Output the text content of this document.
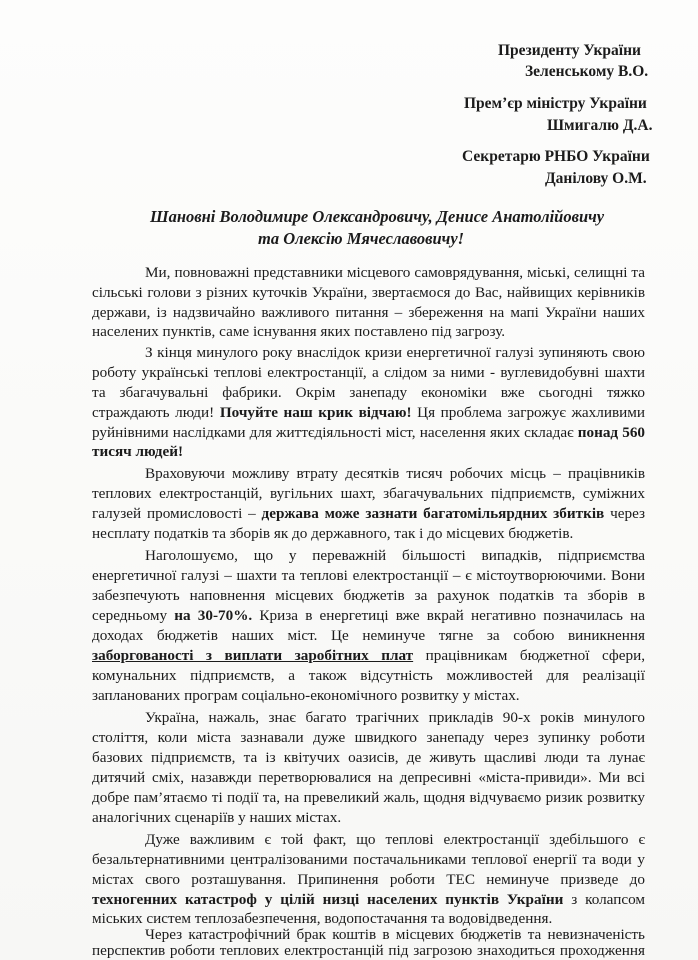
Президенту України
Зеленському В.О.
Прем’єр міністру України
Шмигалю Д.А.
Секретарю РНБО України
Данілову О.М.
Шановні Володимире Олександровичу, Денисе Анатолійовичу
та Олексію Мячеславовичу!
Ми, повноважні представники місцевого самоврядування, міські, селищні та
сільські голови з різних куточків України, звертаємося до Вас, найвищих керівників
держави, із надзвичайно важливого питання – збереження на мапі України наших
населених пунктів, саме існування яких поставлено під загрозу.
З кінця минулого року внаслідок кризи енергетичної галузі зупиняють свою
роботу українські теплові електростанції, а слідом за ними - вуглевидобувні шахти
та збагачувальні фабрики. Окрім занепаду економіки вже сьогодні тяжко
страждають люди! Почуйте наш крик відчаю! Ця проблема загрожує жахливими
руйнівними наслідками для життєдіяльності міст, населення яких складає понад 560
тисяч людей!
Враховуючи можливу втрату десятків тисяч робочих місць – працівників
теплових електростанцій, вугільних шахт, збагачувальних підприємств, суміжних
галузей промисловості – держава може зазнати багатомільярдних збитків через
несплату податків та зборів як до державного, так і до місцевих бюджетів.
Наголошуємо, що у переважній більшості випадків, підприємства
енергетичної галузі – шахти та теплові електростанції – є містоутворюючими. Вони
забезпечують наповнення місцевих бюджетів за рахунок податків та зборів в
середньому на 30-70%. Криза в енергетиці вже вкрай негативно позначилась на
доходах бюджетів наших міст. Це неминуче тягне за собою виникнення
заборгованості з виплати заробітних плат працівникам бюджетної сфери,
комунальних підприємств, а також відсутність можливостей для реалізації
запланованих програм соціально-економічного розвитку у містах.
Україна, нажаль, знає багато трагічних прикладів 90-х років минулого
століття, коли міста зазнавали дуже швидкого занепаду через зупинку роботи
базових підприємств, та із квітучих оазисів, де живуть щасливі люди та лунає
дитячий сміх, назавжди перетворювалися на депресивні «міста-привиди». Ми всі
добре пам’ятаємо ті події та, на превеликий жаль, щодня відчуваємо ризик розвитку
аналогічних сценаріїв у наших містах.
Дуже важливим є той факт, що теплові електростанції здебільшого є
безальтернативними централізованими постачальниками теплової енергії та води у
містах свого розташування. Припинення роботи ТЕС неминуче призведе до
техногенних катастроф у цілій низці населених пунктів України з колапсом
міських систем теплозабезпечення, водопостачання та водовідведення.
Через катастрофічний брак коштів в місцевих бюджетів та невизначеність
перспектив роботи теплових електростанцій під загрозою знаходиться проходження
